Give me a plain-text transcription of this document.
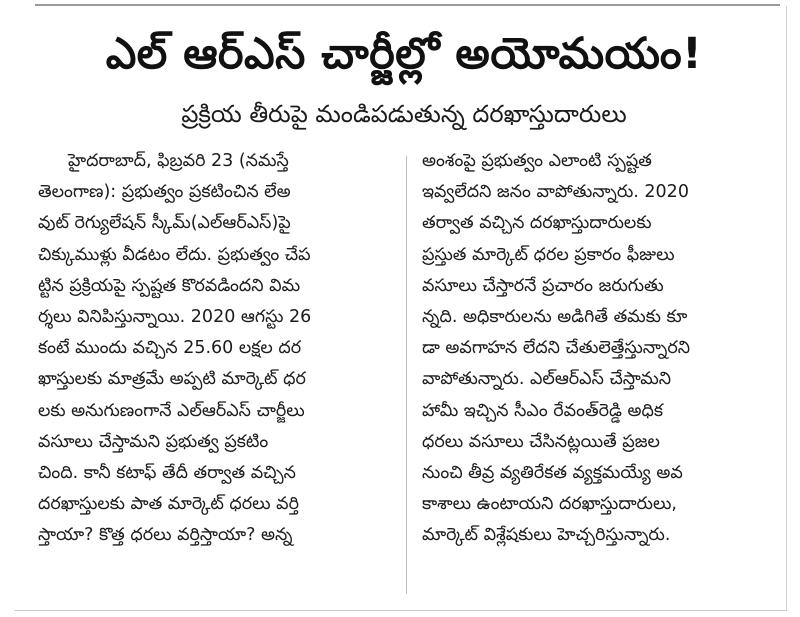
ఎల్ ఆర్ఎస్ చార్జీల్లో అయోమయం!
ప్రక్రియ తీరుపై మండిపడుతున్న దరఖాస్తుదారులు
హైదరాబాద్, ఫిబ్రవరి 23 (నమస్తే
తెలంగాణ): ప్రభుత్వం ప్రకటించిన లేఅ
వుట్ రెగ్యులేషన్ స్కీమ్(ఎల్ఆర్ఎస్)పై
చిక్కుముళ్లు వీడటం లేదు. ప్రభుత్వం చేప
ట్టిన ప్రక్రియపై స్పష్టత కొరవడిందని విమ
ర్శలు వినిపిస్తున్నాయి. 2020 ఆగస్టు 26
కంటే ముందు వచ్చిన 25.60 లక్షల దర
ఖాస్తులకు మాత్రమే అప్పటి మార్కెట్ ధర
లకు అనుగుణంగానే ఎల్ఆర్ఎస్ చార్జీలు
వసూలు చేస్తామని ప్రభుత్వ ప్రకటిం
చింది. కానీ కటాఫ్ తేదీ తర్వాత వచ్చిన
దరఖాస్తులకు పాత మార్కెట్ ధరలు వర్తి
స్తాయా? కొత్త ధరలు వర్తిస్తాయా? అన్న
అంశంపై ప్రభుత్వం ఎలాంటి స్పష్టత
ఇవ్వలేదని జనం వాపోతున్నారు. 2020
తర్వాత వచ్చిన దరఖాస్తుదారులకు
ప్రస్తుత మార్కెట్ ధరల ప్రకారం ఫీజులు
వసూలు చేస్తారనే ప్రచారం జరుగుతు
న్నది. అధికారులను అడిగితే తమకు కూ
డా అవగాహన లేదని చేతులెత్తేస్తున్నారని
వాపోతున్నారు. ఎల్ఆర్ఎస్ చేస్తామని
హామీ ఇచ్చిన సీఎం రేవంత్‌రెడ్డి అధిక
ధరలు వసూలు చేసినట్లయితే ప్రజల
నుంచి తీవ్ర వ్యతిరేకత వ్యక్తమయ్యే అవ
కాశాలు ఉంటాయని దరఖాస్తుదారులు,
మార్కెట్ విశ్లేషకులు హెచ్చరిస్తున్నారు.
